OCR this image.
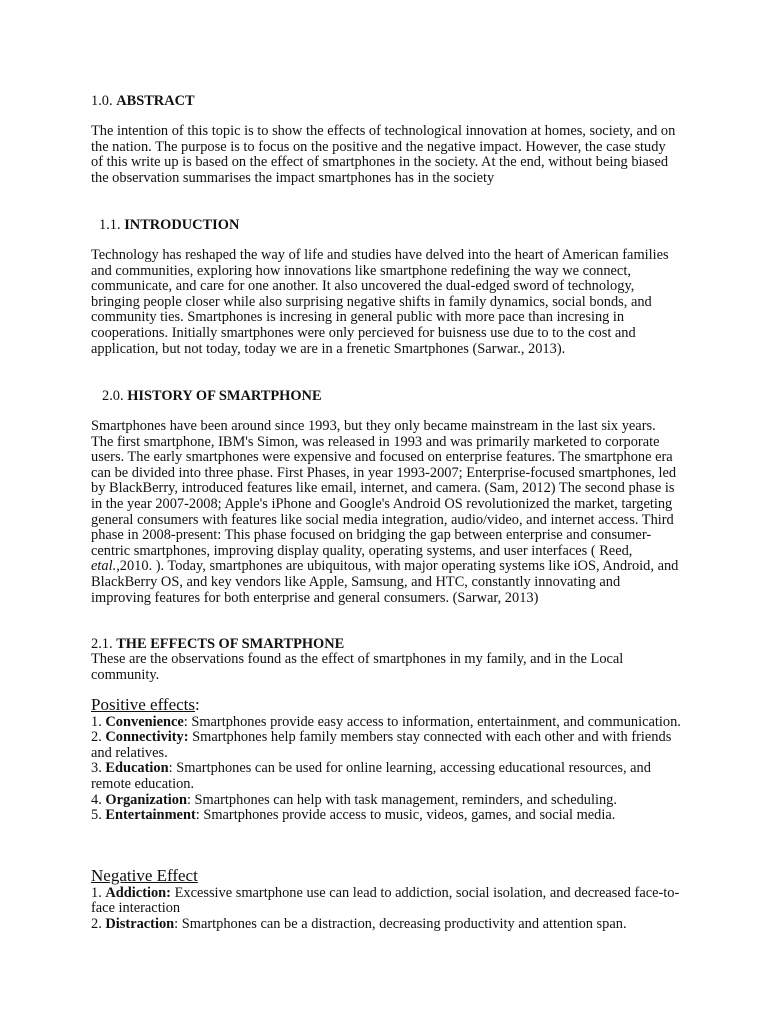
1.0. ABSTRACT

The intention of this topic is to show the effects of technological innovation at homes, society, and on the nation. The purpose is to focus on the positive and the negative impact. However, the case study of this write up is based on the effect of smartphones in the society. At the end, without being biased the observation summarises the impact smartphones has in the society

1.1. INTRODUCTION

Technology has reshaped the way of life and studies have delved into the heart of American families and communities, exploring how innovations like smartphone redefining the way we connect, communicate, and care for one another. It also uncovered the dual-edged sword of technology, bringing people closer while also surprising negative shifts in family dynamics, social bonds, and community ties. Smartphones is incresing in general public with more pace than incresing in cooperations. Initially smartphones were only percieved for buisness use due to to the cost and application, but not today, today we are in a frenetic Smartphones (Sarwar., 2013).

2.0. HISTORY OF SMARTPHONE

Smartphones have been around since 1993, but they only became mainstream in the last six years. The first smartphone, IBM's Simon, was released in 1993 and was primarily marketed to corporate users. The early smartphones were expensive and focused on enterprise features. The smartphone era can be divided into three phase. First Phases, in year 1993-2007; Enterprise-focused smartphones, led by BlackBerry, introduced features like email, internet, and camera. (Sam, 2012) The second phase is in the year 2007-2008; Apple's iPhone and Google's Android OS revolutionized the market, targeting general consumers with features like social media integration, audio/video, and internet access. Third phase in 2008-present: This phase focused on bridging the gap between enterprise and consumer-centric smartphones, improving display quality, operating systems, and user interfaces ( Reed, etal.,2010. ). Today, smartphones are ubiquitous, with major operating systems like iOS, Android, and BlackBerry OS, and key vendors like Apple, Samsung, and HTC, constantly innovating and improving features for both enterprise and general consumers. (Sarwar, 2013)

2.1. THE EFFECTS OF SMARTPHONE

These are the observations found as the effect of smartphones in my family, and in the Local community.

Positive effects:
1. Convenience: Smartphones provide easy access to information, entertainment, and communication.
2. Connectivity: Smartphones help family members stay connected with each other and with friends and relatives.
3. Education: Smartphones can be used for online learning, accessing educational resources, and remote education.
4. Organization: Smartphones can help with task management, reminders, and scheduling.
5. Entertainment: Smartphones provide access to music, videos, games, and social media.
Negative Effect
1. Addiction: Excessive smartphone use can lead to addiction, social isolation, and decreased face-to-face interaction
2. Distraction: Smartphones can be a distraction, decreasing productivity and attention span.
